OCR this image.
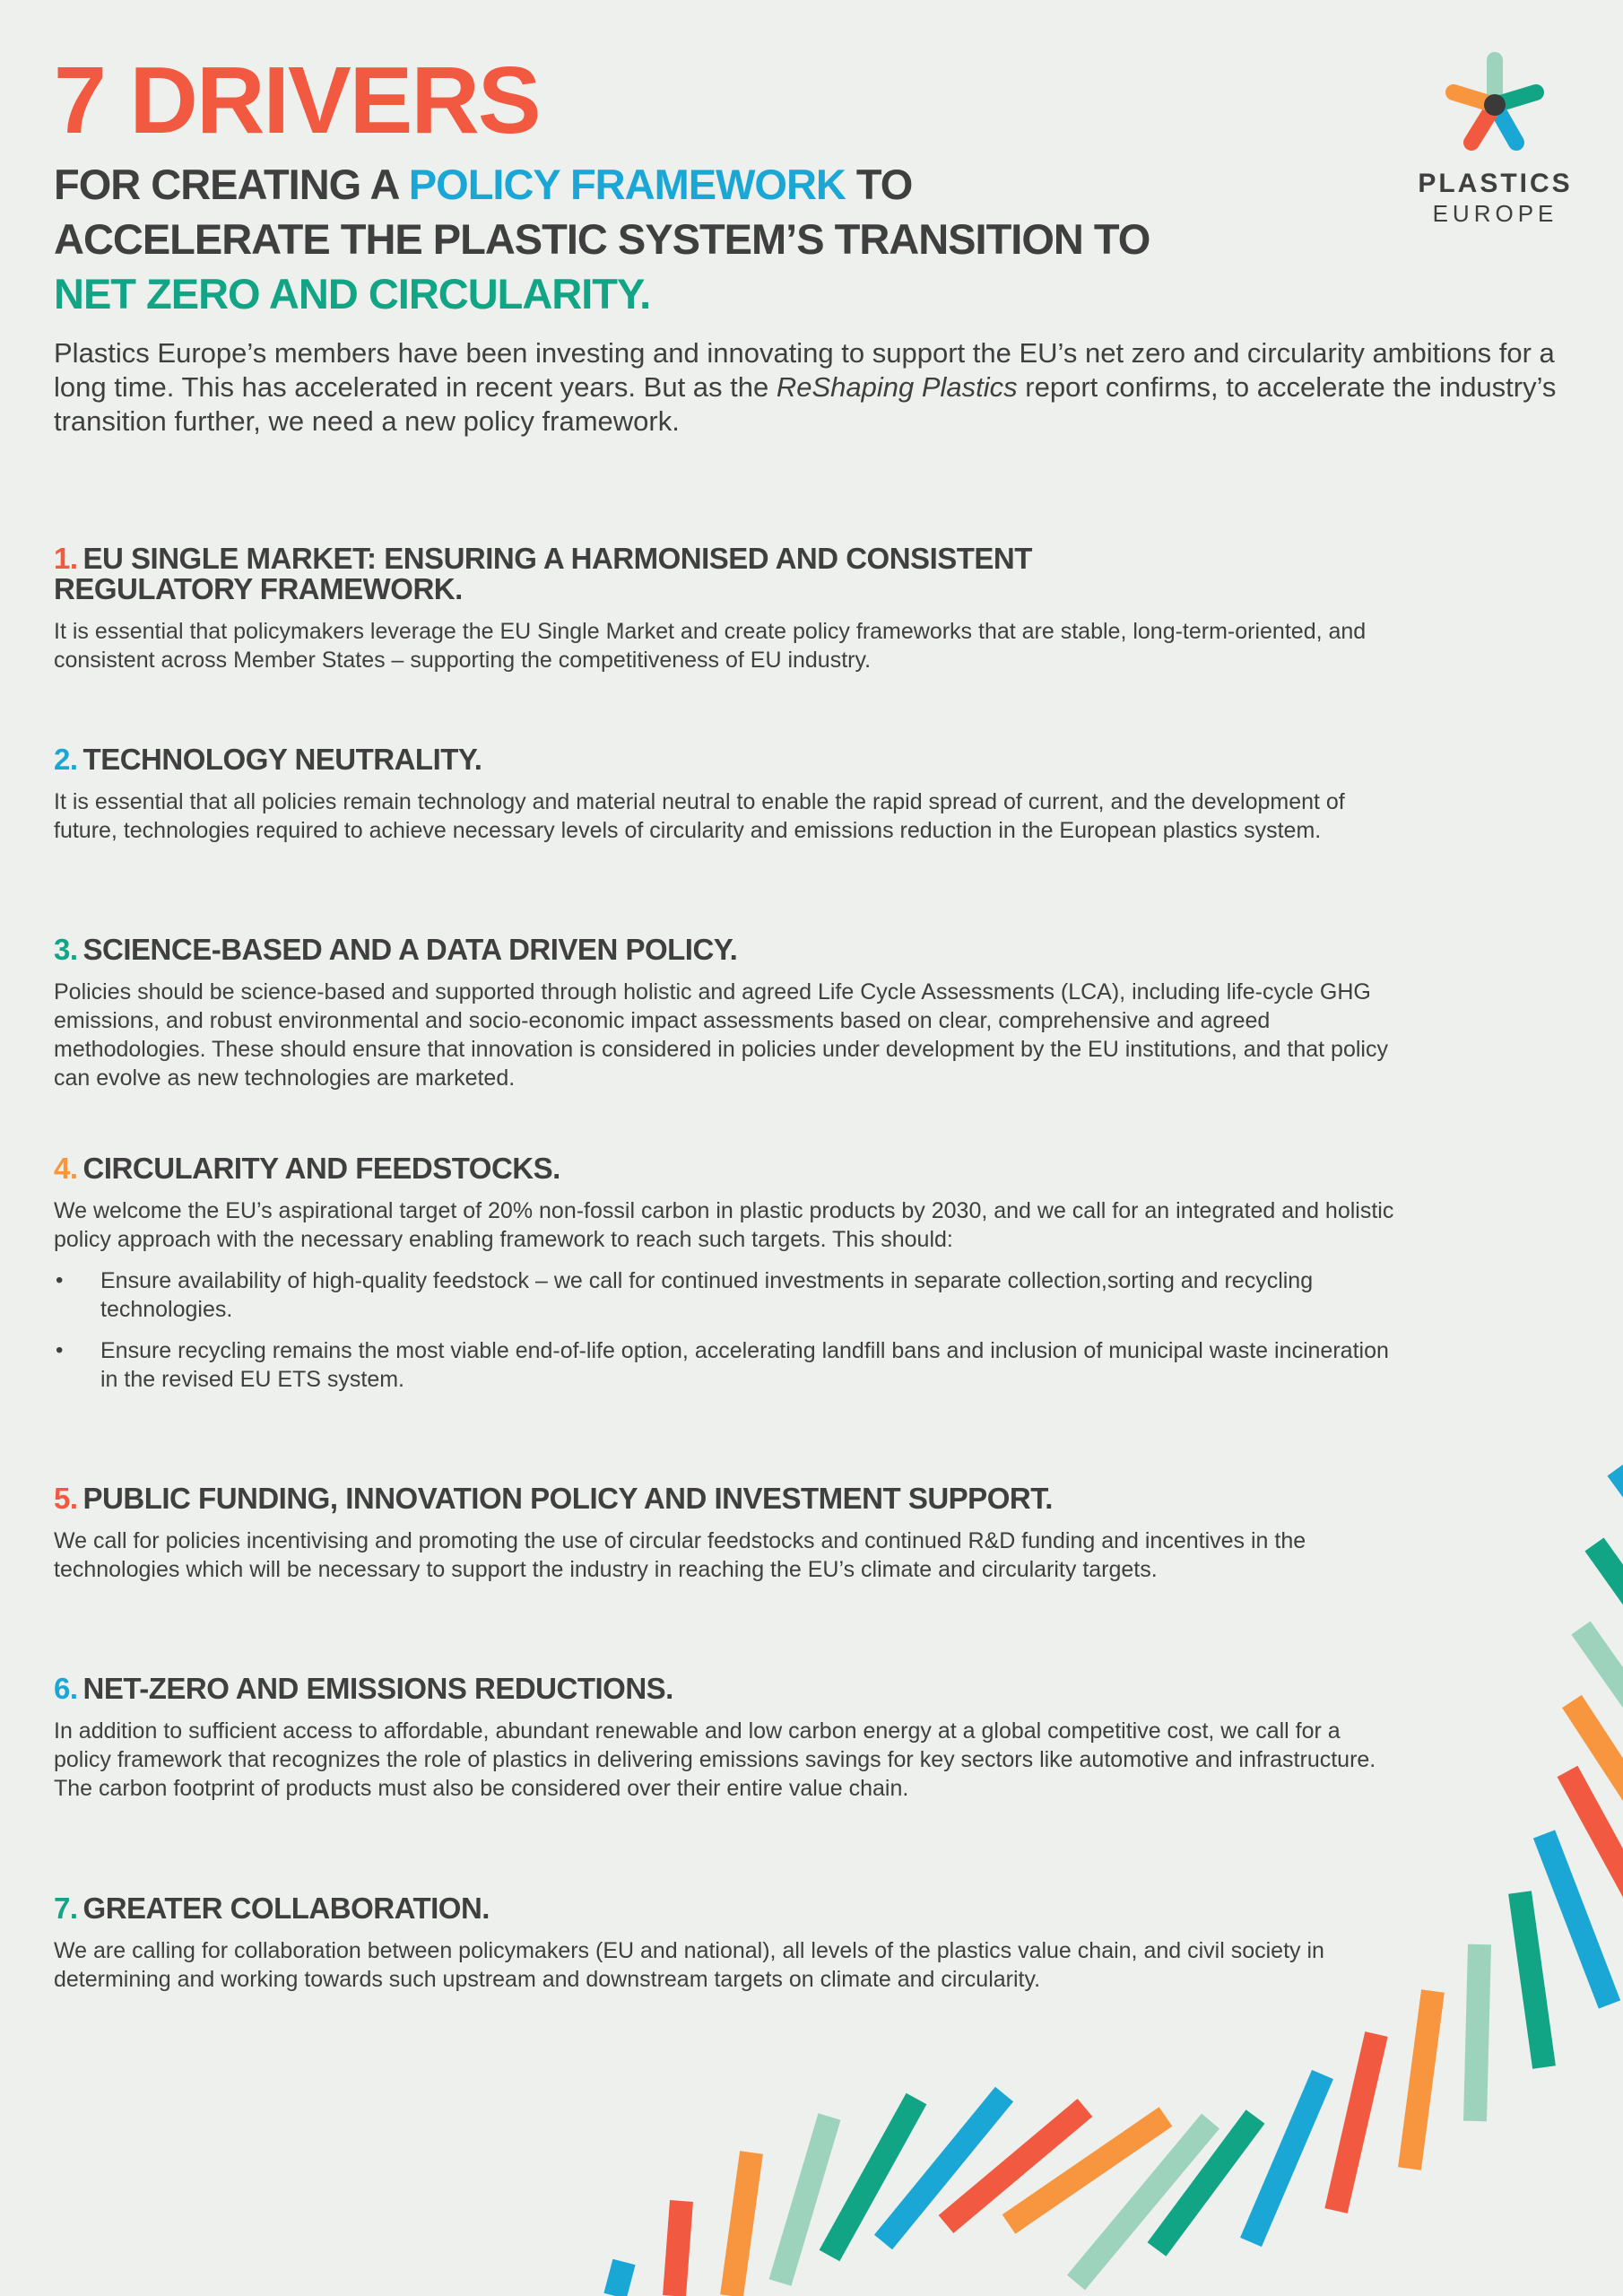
7 DRIVERS
FOR CREATING A POLICY FRAMEWORK TO ACCELERATE THE PLASTIC SYSTEM’S TRANSITION TO NET ZERO AND CIRCULARITY.

Plastics Europe’s members have been investing and innovating to support the EU’s net zero and circularity ambitions for a long time. This has accelerated in recent years. But as the ReShaping Plastics report confirms, to accelerate the industry’s transition further, we need a new policy framework.

PLASTICS
EUROPE
1. EU SINGLE MARKET: ENSURING A HARMONISED AND CONSISTENT
REGULATORY FRAMEWORK.

It is essential that policymakers leverage the EU Single Market and create policy frameworks that are stable, long-term-oriented, and consistent across Member States – supporting the competitiveness of EU industry.

2. TECHNOLOGY NEUTRALITY.

It is essential that all policies remain technology and material neutral to enable the rapid spread of current, and the development of future, technologies required to achieve necessary levels of circularity and emissions reduction in the European plastics system.

3. SCIENCE-BASED AND A DATA DRIVEN POLICY.

Policies should be science-based and supported through holistic and agreed Life Cycle Assessments (LCA), including life-cycle GHG emissions, and robust environmental and socio-economic impact assessments based on clear, comprehensive and agreed methodologies. These should ensure that innovation is considered in policies under development by the EU institutions, and that policy can evolve as new technologies are marketed.

4. CIRCULARITY AND FEEDSTOCKS.

We welcome the EU’s aspirational target of 20% non-fossil carbon in plastic products by 2030, and we call for an integrated and holistic policy approach with the necessary enabling framework to reach such targets. This should:

• Ensure availability of high-quality feedstock – we call for continued investments in separate collection,sorting and recycling technologies.
• Ensure recycling remains the most viable end-of-life option, accelerating landfill bans and inclusion of municipal waste incineration in the revised EU ETS system.
5. PUBLIC FUNDING, INNOVATION POLICY AND INVESTMENT SUPPORT.

We call for policies incentivising and promoting the use of circular feedstocks and continued R&D funding and incentives in the technologies which will be necessary to support the industry in reaching the EU’s climate and circularity targets.

6. NET-ZERO AND EMISSIONS REDUCTIONS.

In addition to sufficient access to affordable, abundant renewable and low carbon energy at a global competitive cost, we call for a policy framework that recognizes the role of plastics in delivering emissions savings for key sectors like automotive and infrastructure. The carbon footprint of products must also be considered over their entire value chain.

7. GREATER COLLABORATION.

We are calling for collaboration between policymakers (EU and national), all levels of the plastics value chain, and civil society in determining and working towards such upstream and downstream targets on climate and circularity.
